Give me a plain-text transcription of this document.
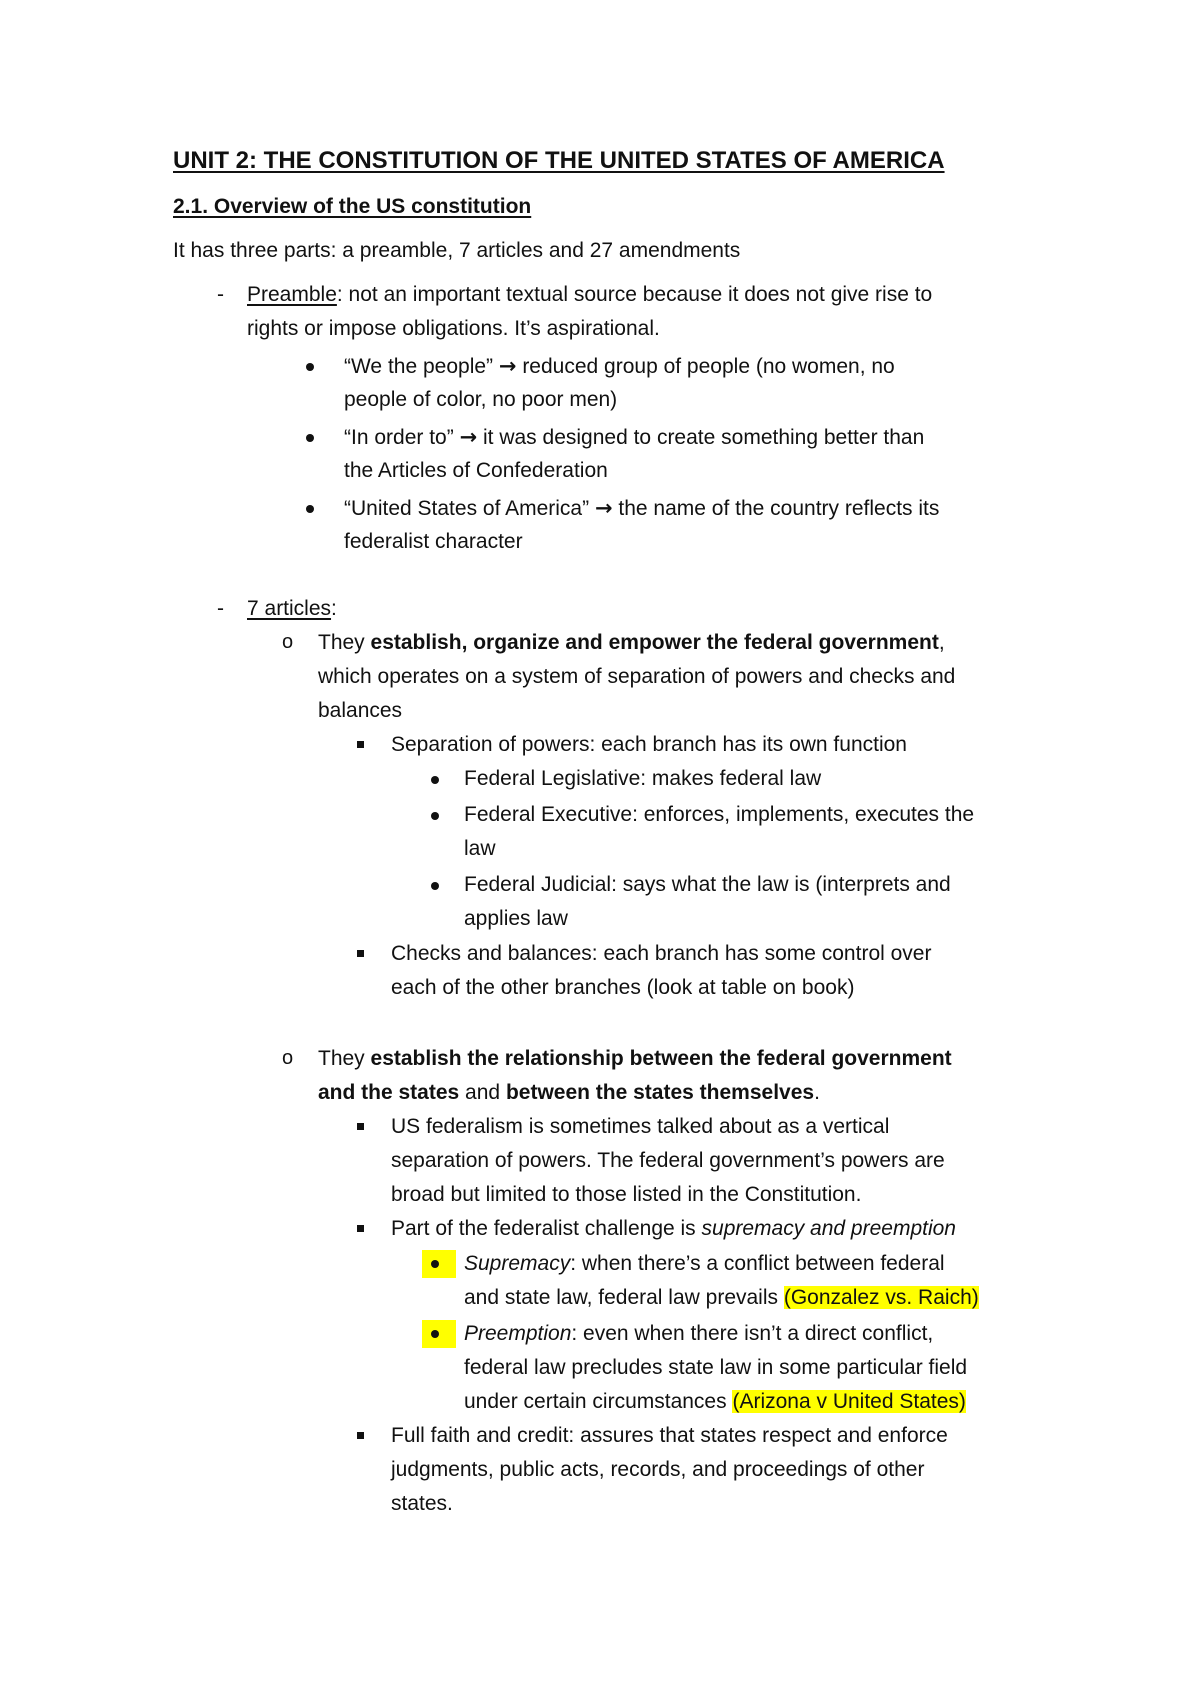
UNIT 2: THE CONSTITUTION OF THE UNITED STATES OF AMERICA
2.1. Overview of the US constitution
It has three parts: a preamble, 7 articles and 27 amendments
- Preamble: not an important textual source because it does not give rise to
rights or impose obligations. It’s aspirational.
“We the people” → reduced group of people (no women, no
people of color, no poor men)
“In order to” → it was designed to create something better than
the Articles of Confederation
“United States of America” → the name of the country reflects its
federalist character
- 7 articles:
o They establish, organize and empower the federal government,
which operates on a system of separation of powers and checks and
balances
Separation of powers: each branch has its own function
Federal Legislative: makes federal law
Federal Executive: enforces, implements, executes the
law
Federal Judicial: says what the law is (interprets and
applies law
Checks and balances: each branch has some control over
each of the other branches (look at table on book)
o They establish the relationship between the federal government
and the states and between the states themselves.
US federalism is sometimes talked about as a vertical
separation of powers. The federal government’s powers are
broad but limited to those listed in the Constitution.
Part of the federalist challenge is supremacy and preemption
Supremacy: when there’s a conflict between federal
and state law, federal law prevails (Gonzalez vs. Raich)
Preemption: even when there isn’t a direct conflict,
federal law precludes state law in some particular field
under certain circumstances (Arizona v United States)
Full faith and credit: assures that states respect and enforce
judgments, public acts, records, and proceedings of other
states.
